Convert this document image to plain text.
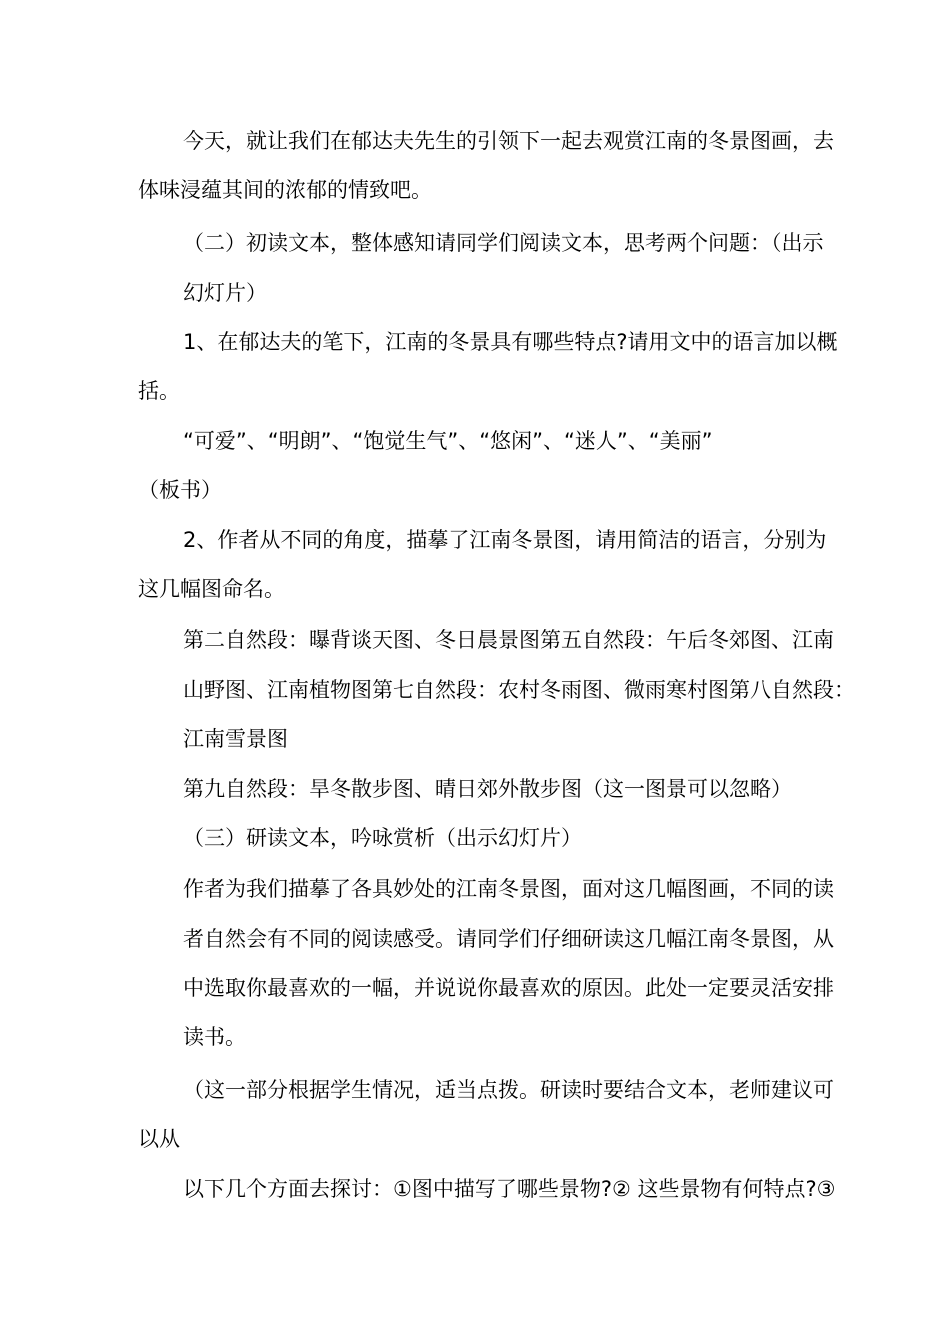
今天，就让我们在郁达夫先生的引领下一起去观赏江南的冬景图画，去
体味浸蕴其间的浓郁的情致吧。
（二）初读文本，整体感知请同学们阅读文本，思考两个问题：（出示
幻灯片）
1、在郁达夫的笔下，江南的冬景具有哪些特点?请用文中的语言加以概
括。
“可爱”、“明朗”、“饱觉生气”、“悠闲”、“迷人”、“美丽”
（板书）
2、作者从不同的角度，描摹了江南冬景图，请用简洁的语言，分别为
这几幅图命名。
第二自然段：曝背谈天图、冬日晨景图第五自然段：午后冬郊图、江南
山野图、江南植物图第七自然段：农村冬雨图、微雨寒村图第八自然段：
江南雪景图
第九自然段：旱冬散步图、晴日郊外散步图（这一图景可以忽略）
（三）研读文本，吟咏赏析（出示幻灯片）
作者为我们描摹了各具妙处的江南冬景图，面对这几幅图画，不同的读
者自然会有不同的阅读感受。请同学们仔细研读这几幅江南冬景图，从
中选取你最喜欢的一幅，并说说你最喜欢的原因。此处一定要灵活安排
读书。
（这一部分根据学生情况，适当点拨。研读时要结合文本，老师建议可
以从
以下几个方面去探讨：①图中描写了哪些景物?② 这些景物有何特点?③
